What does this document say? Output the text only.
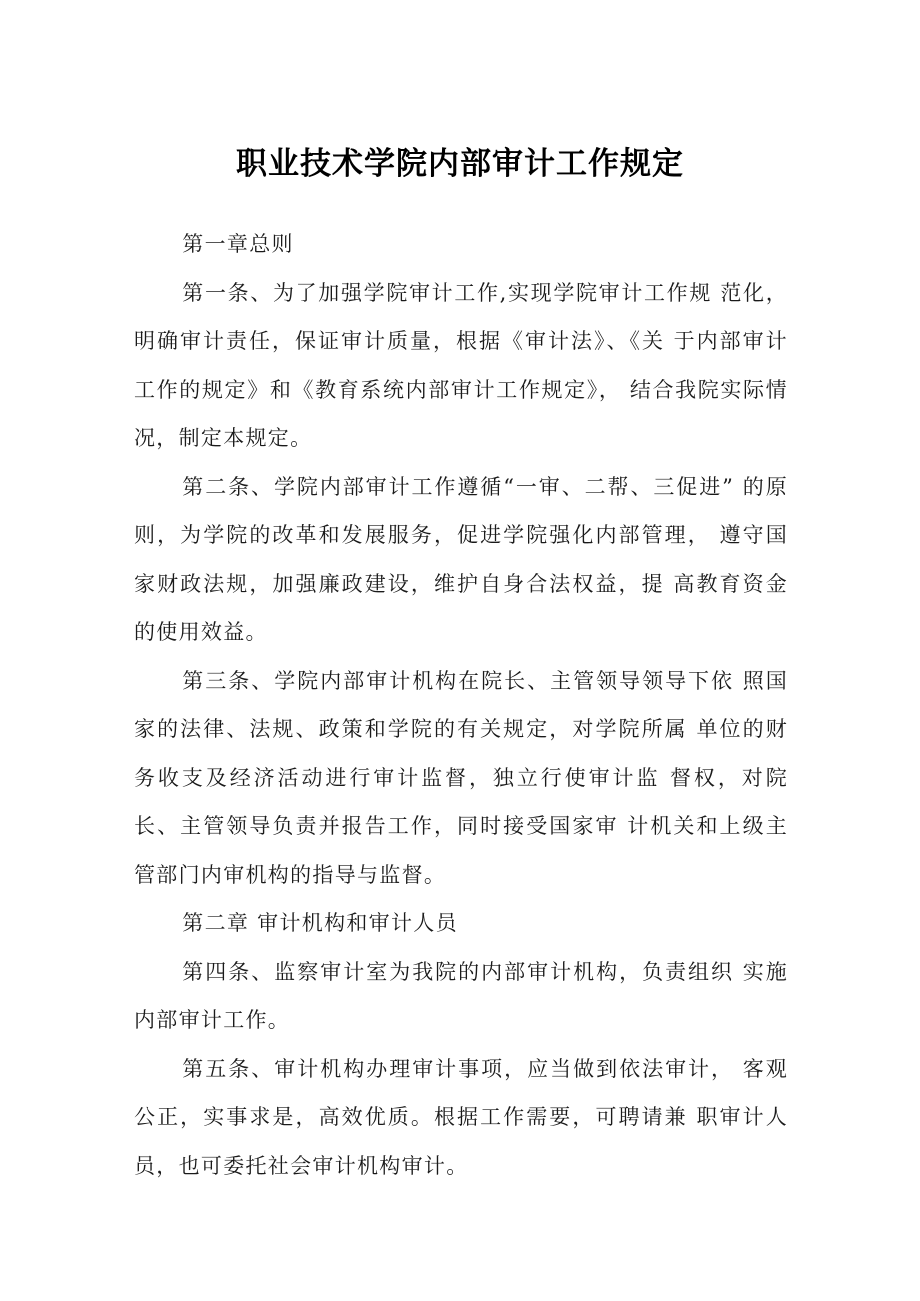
职业技术学院内部审计工作规定

第一章总则

第一条、为了加强学院审计工作,实现学院审计工作规 范化，明确审计责任，保证审计质量，根据《审计法》、《关 于内部审计工作的规定》和《教育系统内部审计工作规定》， 结合我院实际情况，制定本规定。

第二条、学院内部审计工作遵循“一审、二帮、三促进” 的原则，为学院的改革和发展服务，促进学院强化内部管理， 遵守国家财政法规，加强廉政建设，维护自身合法权益，提 高教育资金的使用效益。

第三条、学院内部审计机构在院长、主管领导领导下依 照国家的法律、法规、政策和学院的有关规定，对学院所属 单位的财务收支及经济活动进行审计监督，独立行使审计监 督权，对院长、主管领导负责并报告工作，同时接受国家审 计机关和上级主管部门内审机构的指导与监督。

第二章 审计机构和审计人员

第四条、监察审计室为我院的内部审计机构，负责组织 实施内部审计工作。

第五条、审计机构办理审计事项，应当做到依法审计， 客观公正，实事求是，高效优质。根据工作需要，可聘请兼 职审计人员，也可委托社会审计机构审计。
